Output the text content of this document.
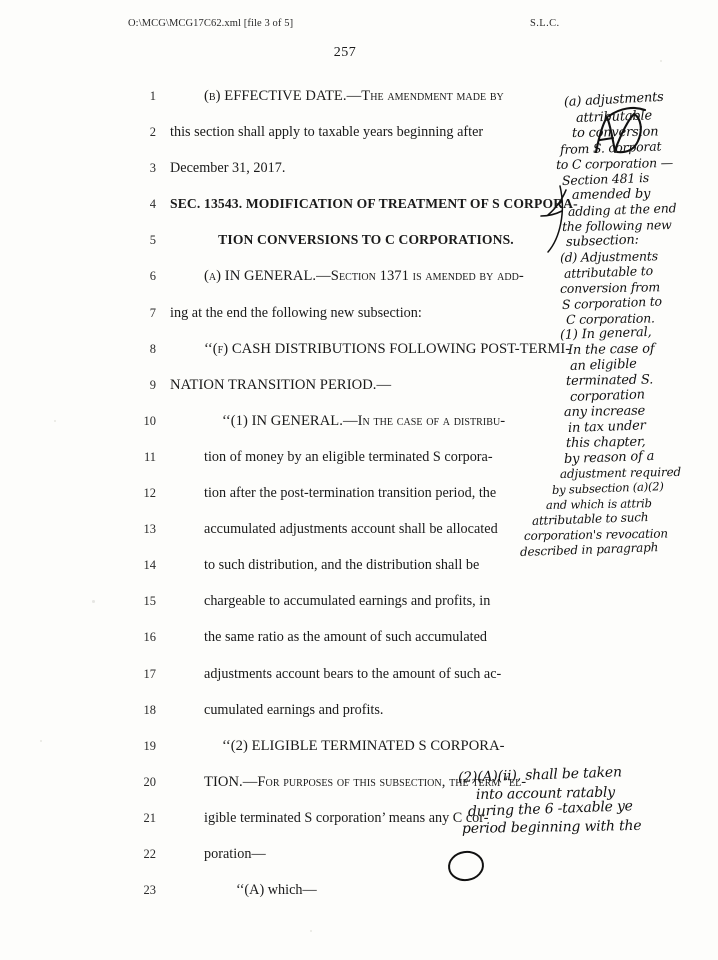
O:\MCG\MCG17C62.xml [file 3 of 5]	S.L.C.
257
1
2
3
4
5
6
7
8
9
10
11
12
13
14
15
16
17
18
19
20
21
22
23
(b) EFFECTIVE DATE.—The amendment made by
this section shall apply to taxable years beginning after
December 31, 2017.
SEC. 13543. MODIFICATION OF TREATMENT OF S CORPORA-
TION CONVERSIONS TO C CORPORATIONS.
(a) IN GENERAL.—Section 1371 is amended by add-
ing at the end the following new subsection:
‘‘(f) CASH DISTRIBUTIONS FOLLOWING POST-TERMI-
NATION TRANSITION PERIOD.—
‘‘(1) IN GENERAL.—In the case of a distribu-
tion of money by an eligible terminated S corpora-
tion after the post-termination transition period, the
accumulated adjustments account shall be allocated
to such distribution, and the distribution shall be
chargeable to accumulated earnings and profits, in
the same ratio as the amount of such accumulated
adjustments account bears to the amount of such ac-
cumulated earnings and profits.
‘‘(2) ELIGIBLE TERMINATED S CORPORA-
TION.—For purposes of this subsection, the term ‘el-
igible terminated S corporation’ means any C cor-
poration—
‘‘(A) which—
(a) adjustments
attributable
to conversion
from S. corporat
to C corporation —
Section 481 is
amended by
adding at the end
the following new
subsection:
(d) Adjustments
attributable to
conversion from
S corporation to
C corporation.
(1) In general,
In the case of
an eligible
terminated S.
corporation
any increase
in tax under
this chapter,
by reason of a
adjustment required
by subsection (a)(2)
and which is attrib
attributable to such
corporation's revocation
described in paragraph
(2)(A)(ii), shall be taken
into account ratably
during the 6 -taxable ye
period beginning with the
